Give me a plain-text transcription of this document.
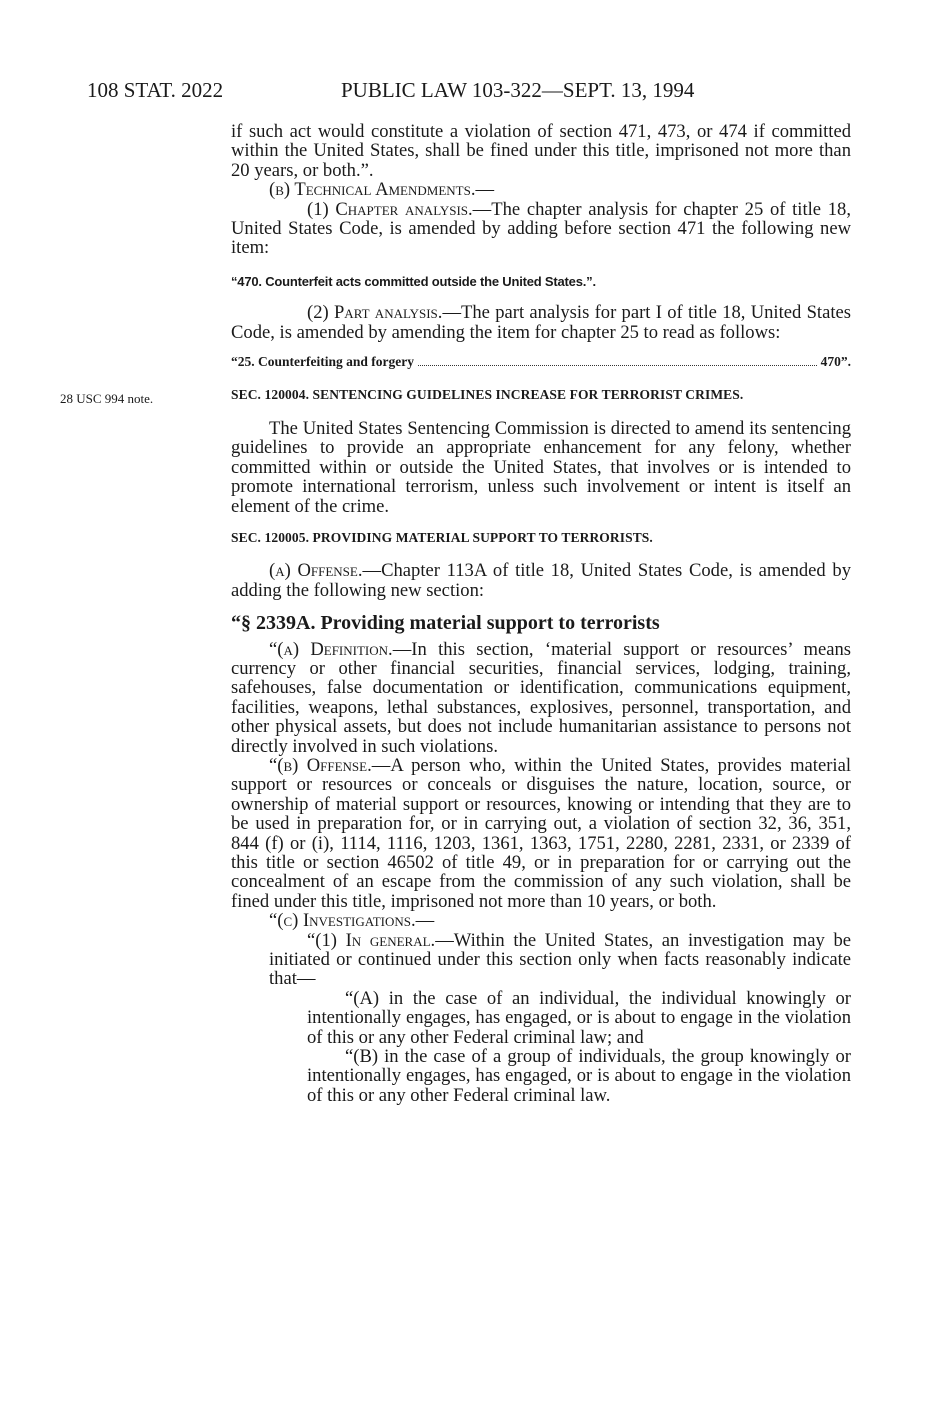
108 STAT. 2022	PUBLIC LAW 103-322—SEPT. 13, 1994
28 USC 994 note.

if such act would constitute a violation of section 471, 473, or 474 if committed within the United States, shall be fined under this title, imprisoned not more than 20 years, or both.”.

(b) Technical Amendments.—

(1) Chapter analysis.—The chapter analysis for chapter 25 of title 18, United States Code, is amended by adding before section 471 the following new item:

“470. Counterfeit acts committed outside the United States.”.

(2) Part analysis.—The part analysis for part I of title 18, United States Code, is amended by amending the item for chapter 25 to read as follows:

“25. Counterfeiting and forgery	470”.

SEC. 120004. SENTENCING GUIDELINES INCREASE FOR TERRORIST CRIMES.

The United States Sentencing Commission is directed to amend its sentencing guidelines to provide an appropriate enhancement for any felony, whether committed within or outside the United States, that involves or is intended to promote international terrorism, unless such involvement or intent is itself an element of the crime.

SEC. 120005. PROVIDING MATERIAL SUPPORT TO TERRORISTS.

(a) Offense.—Chapter 113A of title 18, United States Code, is amended by adding the following new section:

“§ 2339A. Providing material support to terrorists

“(a) Definition.—In this section, ‘material support or resources’ means currency or other financial securities, financial services, lodging, training, safehouses, false documentation or identification, communications equipment, facilities, weapons, lethal substances, explosives, personnel, transportation, and other physical assets, but does not include humanitarian assistance to persons not directly involved in such violations.

“(b) Offense.—A person who, within the United States, provides material support or resources or conceals or disguises the nature, location, source, or ownership of material support or resources, knowing or intending that they are to be used in preparation for, or in carrying out, a violation of section 32, 36, 351, 844 (f) or (i), 1114, 1116, 1203, 1361, 1363, 1751, 2280, 2281, 2331, or 2339 of this title or section 46502 of title 49, or in preparation for or carrying out the concealment of an escape from the commission of any such violation, shall be fined under this title, imprisoned not more than 10 years, or both.

“(c) Investigations.—

“(1) In general.—Within the United States, an investigation may be initiated or continued under this section only when facts reasonably indicate that—

“(A) in the case of an individual, the individual knowingly or intentionally engages, has engaged, or is about to engage in the violation of this or any other Federal criminal law; and

“(B) in the case of a group of individuals, the group knowingly or intentionally engages, has engaged, or is about to engage in the violation of this or any other Federal criminal law.
